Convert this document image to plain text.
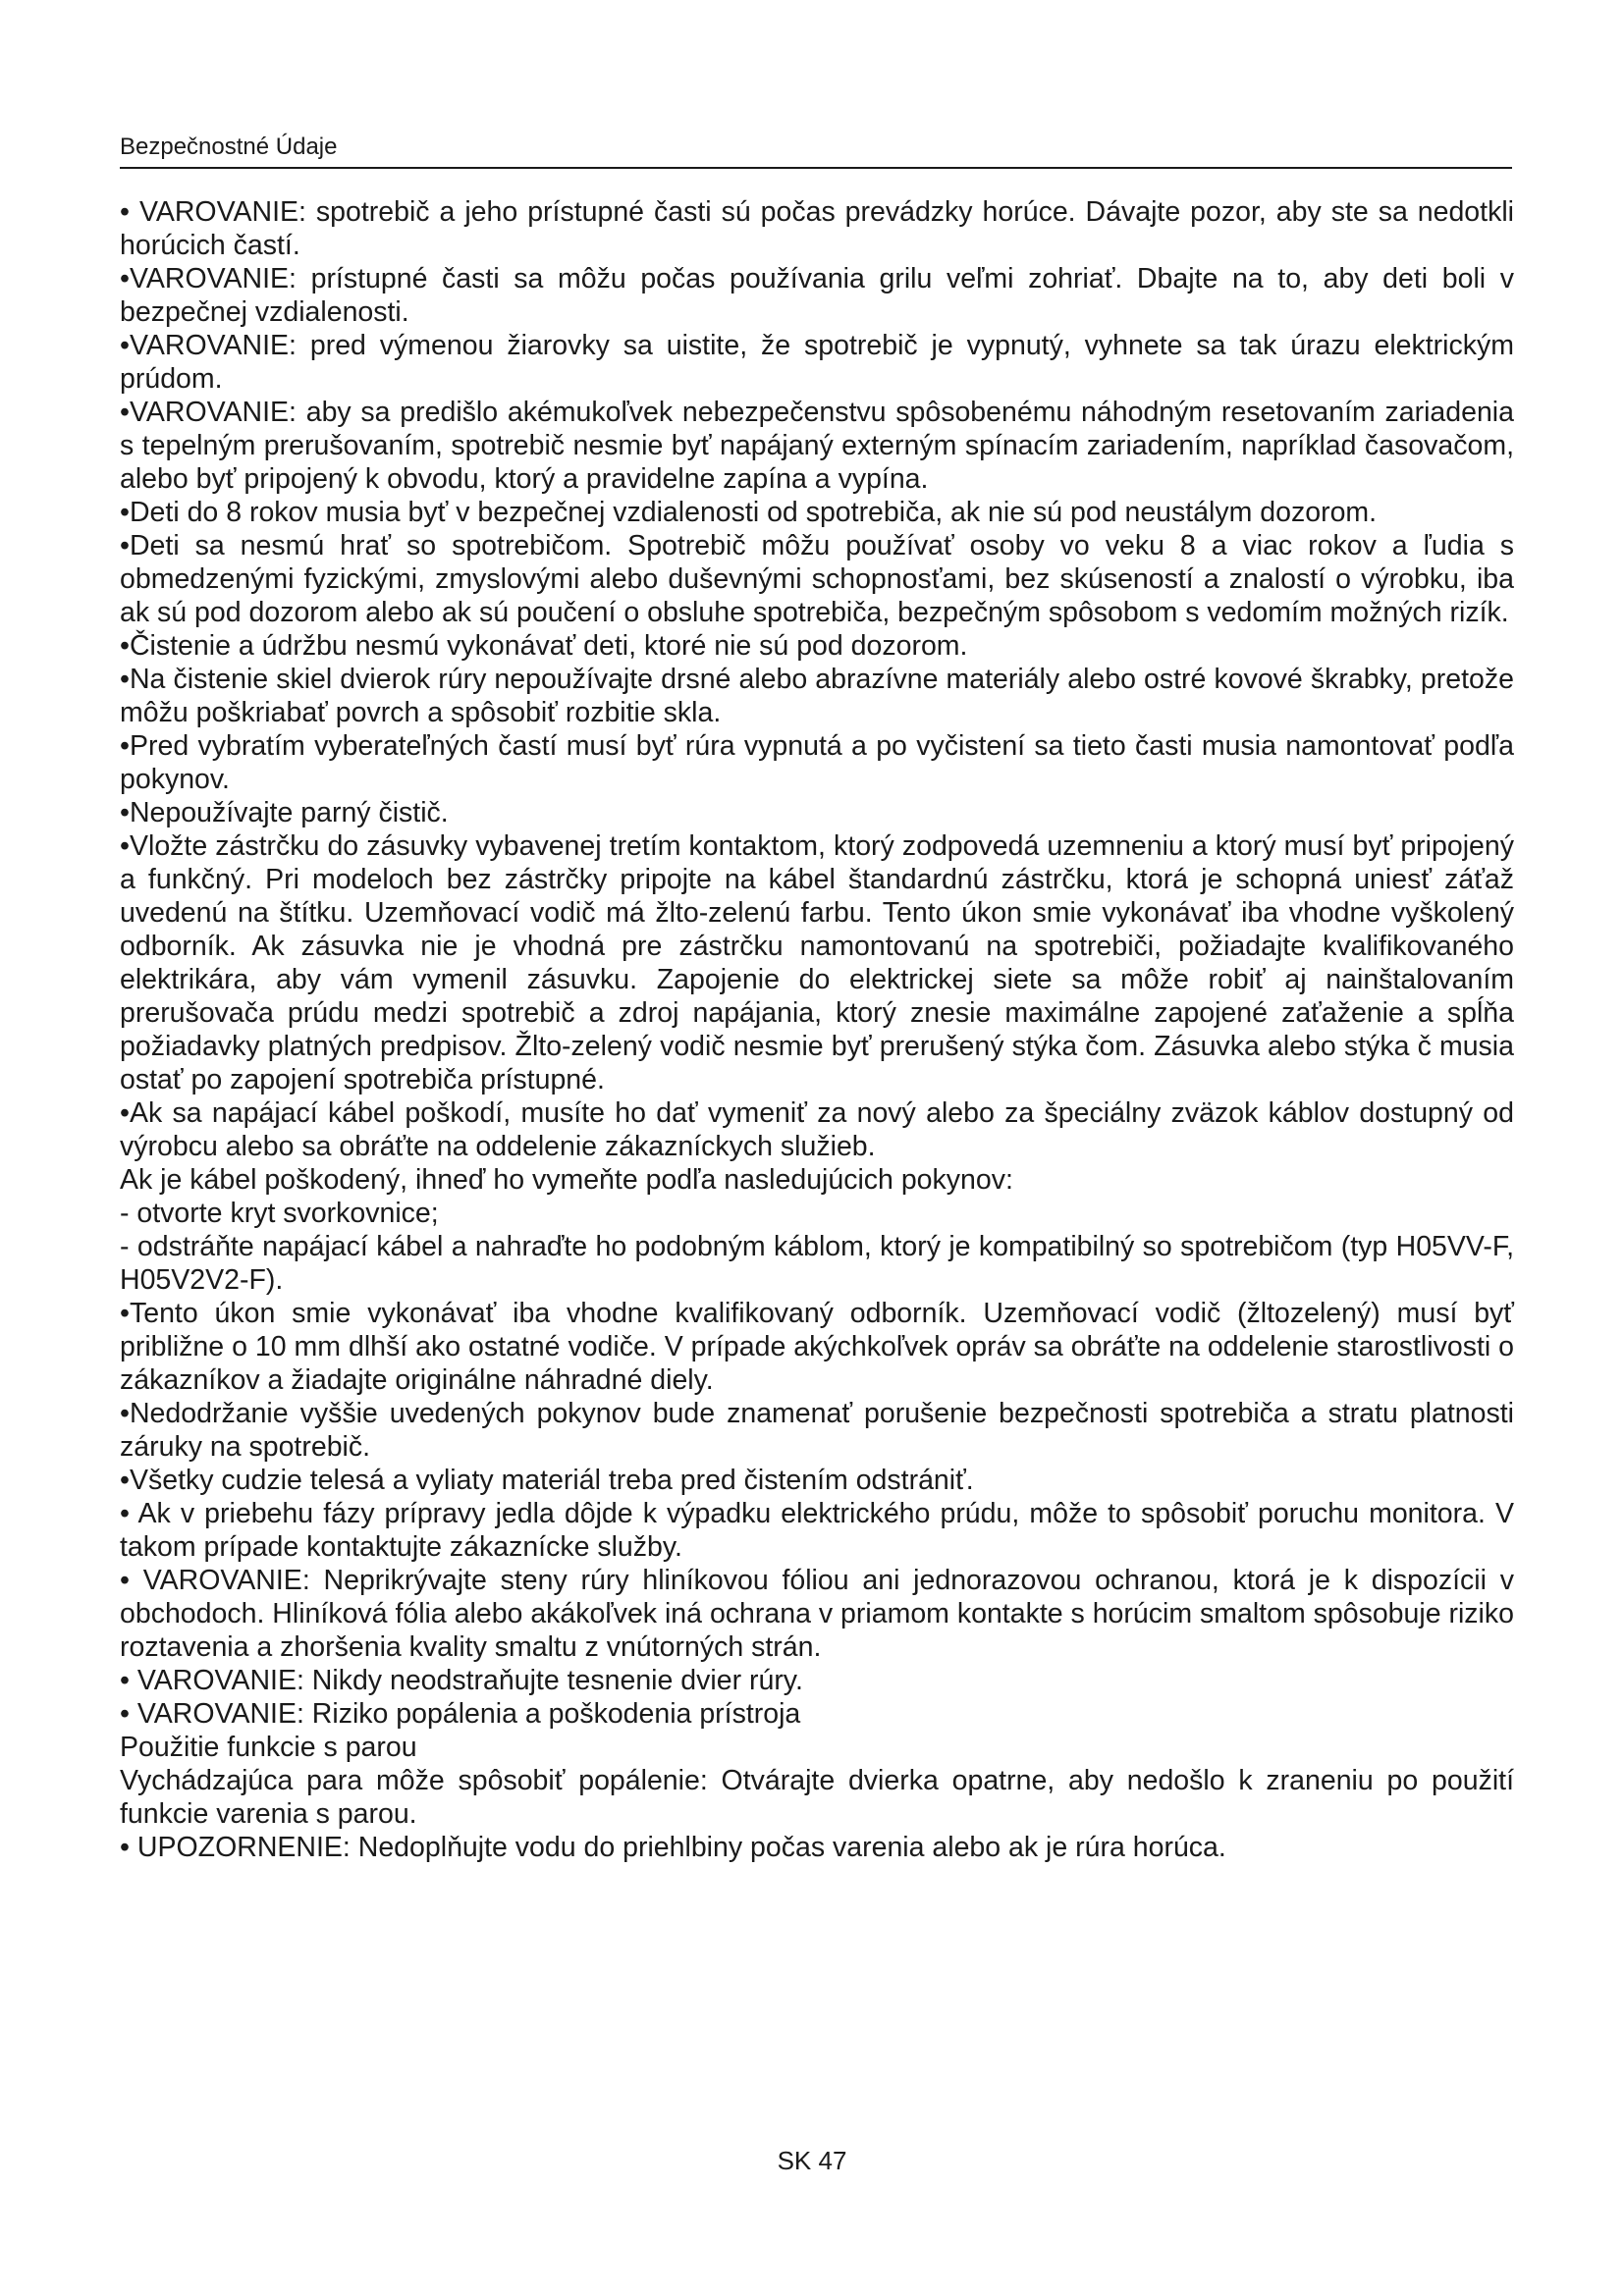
Bezpečnostné Údaje

• VAROVANIE: spotrebič a jeho prístupné časti sú počas prevádzky horúce. Dávajte pozor, aby ste sa nedotkli horúcich častí.

•VAROVANIE: prístupné časti sa môžu počas používania grilu veľmi zohriať. Dbajte na to, aby deti boli v bezpečnej vzdialenosti.

•VAROVANIE: pred výmenou žiarovky sa uistite, že spotrebič je vypnutý, vyhnete sa tak úrazu elektrickým prúdom.

•VAROVANIE: aby sa predišlo akémukoľvek nebezpečenstvu spôsobenému náhodným resetovaním zariadenia s tepelným prerušovaním, spotrebič nesmie byť napájaný externým spínacím zariadením, napríklad časovačom, alebo byť pripojený k obvodu, ktorý a pravidelne zapína a vypína.

•Deti do 8 rokov musia byť v bezpečnej vzdialenosti od spotrebiča, ak nie sú pod neustálym dozorom.

•Deti sa nesmú hrať so spotrebičom. Spotrebič môžu používať osoby vo veku 8 a viac rokov a ľudia s obmedzenými fyzickými, zmyslovými alebo duševnými schopnosťami, bez skúseností a znalostí o výrobku, iba ak sú pod dozorom alebo ak sú poučení o obsluhe spotrebiča, bezpečným spôsobom s vedomím možných rizík.

•Čistenie a údržbu nesmú vykonávať deti, ktoré nie sú pod dozorom.

•Na čistenie skiel dvierok rúry nepoužívajte drsné alebo abrazívne materiály alebo ostré kovové škrabky, pretože môžu poškriabať povrch a spôsobiť rozbitie skla.

•Pred vybratím vyberateľných častí musí byť rúra vypnutá a po vyčistení sa tieto časti musia namontovať podľa pokynov.

•Nepoužívajte parný čistič.

•Vložte zástrčku do zásuvky vybavenej tretím kontaktom, ktorý zodpovedá uzemneniu a ktorý musí byť pripojený a funkčný. Pri modeloch bez zástrčky pripojte na kábel štandardnú zástrčku, ktorá je schopná uniesť záťaž uvedenú na štítku. Uzemňovací vodič má žlto-zelenú farbu. Tento úkon smie vykonávať iba vhodne vyškolený odborník. Ak zásuvka nie je vhodná pre zástrčku namontovanú na spotrebiči, požiadajte kvalifikovaného elektrikára, aby vám vymenil zásuvku. Zapojenie do elektrickej siete sa môže robiť aj nainštalovaním prerušovača prúdu medzi spotrebič a zdroj napájania, ktorý znesie maximálne zapojené zaťaženie a spĺňa požiadavky platných predpisov. Žlto-zelený vodič nesmie byť prerušený stýka čom. Zásuvka alebo stýka č musia ostať po zapojení spotrebiča prístupné.

•Ak sa napájací kábel poškodí, musíte ho dať vymeniť za nový alebo za špeciálny zväzok káblov dostupný od výrobcu alebo sa obráťte na oddelenie zákazníckych služieb.

Ak je kábel poškodený, ihneď ho vymeňte podľa nasledujúcich pokynov:

- otvorte kryt svorkovnice;

- odstráňte napájací kábel a nahraďte ho podobným káblom, ktorý je kompatibilný so spotrebičom (typ H05VV-F, H05V2V2-F).

•Tento úkon smie vykonávať iba vhodne kvalifikovaný odborník. Uzemňovací vodič (žltozelený) musí byť približne o 10 mm dlhší ako ostatné vodiče. V prípade akýchkoľvek opráv sa obráťte na oddelenie starostlivosti o zákazníkov a žiadajte originálne náhradné diely.

•Nedodržanie vyššie uvedených pokynov bude znamenať porušenie bezpečnosti spotrebiča a stratu platnosti záruky na spotrebič.

•Všetky cudzie telesá a vyliaty materiál treba pred čistením odstrániť.

• Ak v priebehu fázy prípravy jedla dôjde k výpadku elektrického prúdu, môže to spôsobiť poruchu monitora. V takom prípade kontaktujte zákaznícke služby.

• VAROVANIE: Neprikrývajte steny rúry hliníkovou fóliou ani jednorazovou ochranou, ktorá je k dispozícii v obchodoch. Hliníková fólia alebo akákoľvek iná ochrana v priamom kontakte s horúcim smaltom spôsobuje riziko roztavenia a zhoršenia kvality smaltu z vnútorných strán.

• VAROVANIE: Nikdy neodstraňujte tesnenie dvier rúry.

• VAROVANIE: Riziko popálenia a poškodenia prístroja

Použitie funkcie s parou

Vychádzajúca para môže spôsobiť popálenie: Otvárajte dvierka opatrne, aby nedošlo k zraneniu po použití funkcie varenia s parou.

• UPOZORNENIE: Nedoplňujte vodu do priehlbiny počas varenia alebo ak je rúra horúca.

SK 47
